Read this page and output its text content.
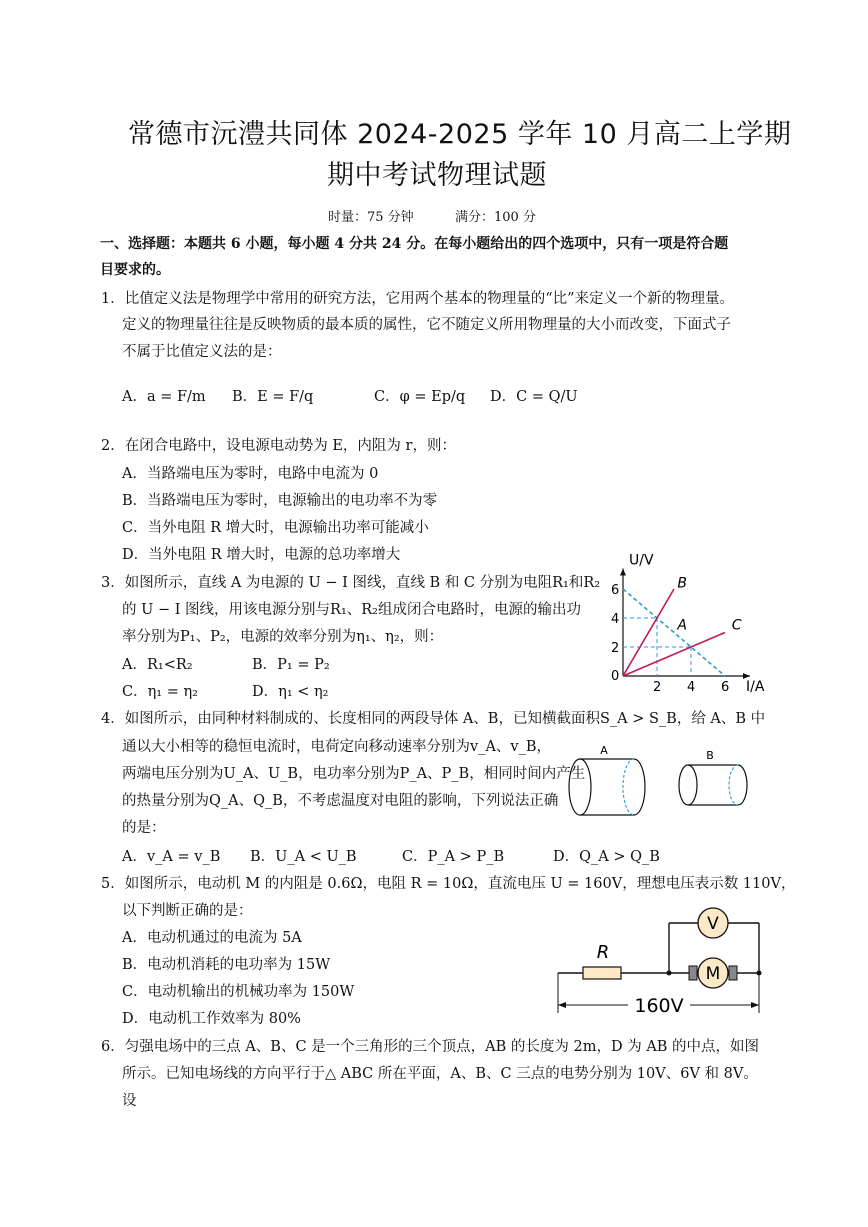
常德市沅澧共同体 2024-2025 学年 10 月高二上学期
期中考试物理试题
时量：75 分钟	满分：100 分
一、选择题：本题共 6 小题，每小题 4 分共 24 分。在每小题给出的四个选项中，只有一项是符合题
目要求的。
1．比值定义法是物理学中常用的研究方法，它用两个基本的物理量的“比”来定义一个新的物理量。
定义的物理量往往是反映物质的最本质的属性，它不随定义所用物理量的大小而改变，下面式子
不属于比值定义法的是：
A．a = F/m B．E = F/q	C．φ = Ep/q D．C = Q/U
2．在闭合电路中，设电源电动势为 E，内阻为 r，则：
A．当路端电压为零时，电路中电流为 0
B．当路端电压为零时，电源输出的电功率不为零
C．当外电阻 R 增大时，电源输出功率可能减小
D．当外电阻 R 增大时，电源的总功率增大
3．如图所示，直线 A 为电源的 U − I 图线，直线 B 和 C 分别为电阻R₁和R₂
的 U − I 图线，用该电源分别与R₁、R₂组成闭合电路时，电源的输出功
率分别为P₁、P₂，电源的效率分别为η₁、η₂，则：
A．R₁<R₂	B．P₁ = P₂
C．η₁ = η₂	D．η₁ < η₂
U/V
I/A
0
2
4
6
2 4 6
B
A	C
4．如图所示，由同种材料制成的、长度相同的两段导体 A、B，已知横截面积S_A > S_B，给 A、B 中
通以大小相等的稳恒电流时，电荷定向移动速率分别为v_A、v_B，
两端电压分别为U_A、U_B，电功率分别为P_A、P_B，相同时间内产生
的热量分别为Q_A、Q_B，不考虑温度对电阻的影响，下列说法正确
的是：
A．v_A = v_B B．U_A < U_B	C．P_A > P_B	D．Q_A > Q_B
A	B
5．如图所示，电动机 M 的内阻是 0.6Ω，电阻 R = 10Ω，直流电压 U = 160V，理想电压表示数 110V，
以下判断正确的是：
A．电动机通过的电流为 5A
B．电动机消耗的电功率为 15W
C．电动机输出的机械功率为 150W
D．电动机工作效率为 80%
R
V
M
160V
6．匀强电场中的三点 A、B、C 是一个三角形的三个顶点，AB 的长度为 2m，D 为 AB 的中点，如图
所示。已知电场线的方向平行于△ ABC 所在平面，A、B、C 三点的电势分别为 10V、6V 和 8V。
设
